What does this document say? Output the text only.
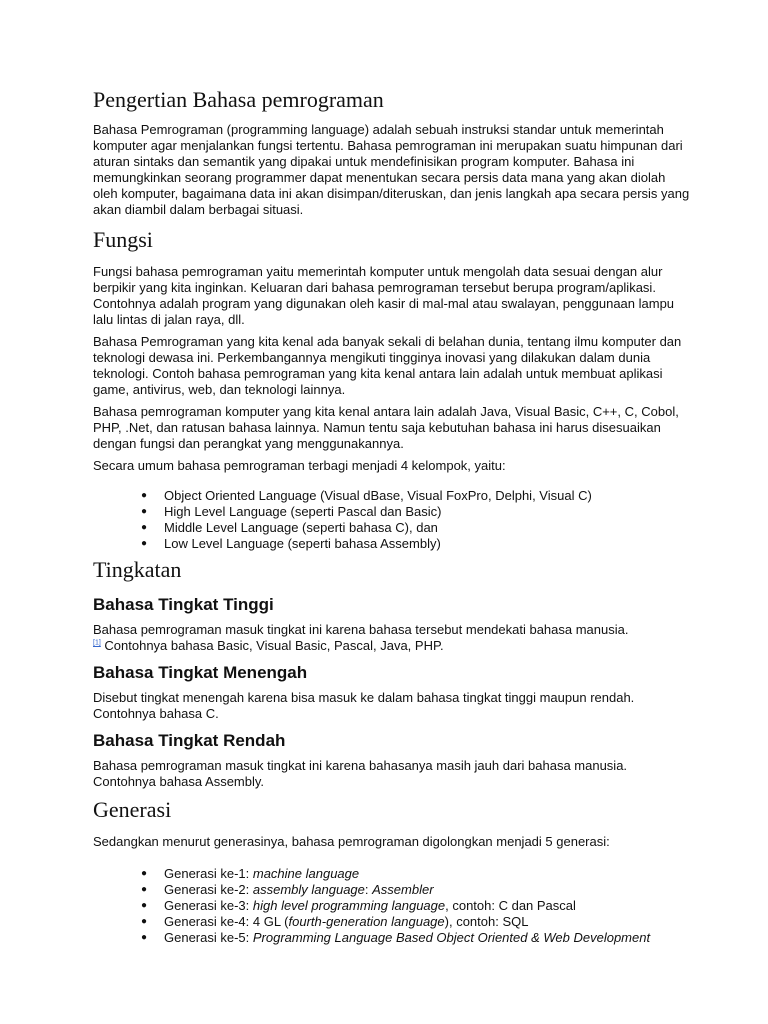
Pengertian Bahasa pemrograman

Bahasa Pemrograman (programming language) adalah sebuah instruksi standar untuk memerintah komputer agar menjalankan fungsi tertentu. Bahasa pemrograman ini merupakan suatu himpunan dari aturan sintaks dan semantik yang dipakai untuk mendefinisikan program komputer. Bahasa ini memungkinkan seorang programmer dapat menentukan secara persis data mana yang akan diolah oleh komputer, bagaimana data ini akan disimpan/diteruskan, dan jenis langkah apa secara persis yang akan diambil dalam berbagai situasi.

Fungsi

Fungsi bahasa pemrograman yaitu memerintah komputer untuk mengolah data sesuai dengan alur berpikir yang kita inginkan. Keluaran dari bahasa pemrograman tersebut berupa program/aplikasi. Contohnya adalah program yang digunakan oleh kasir di mal-mal atau swalayan, penggunaan lampu lalu lintas di jalan raya, dll.

Bahasa Pemrograman yang kita kenal ada banyak sekali di belahan dunia, tentang ilmu komputer dan teknologi dewasa ini. Perkembangannya mengikuti tingginya inovasi yang dilakukan dalam dunia teknologi. Contoh bahasa pemrograman yang kita kenal antara lain adalah untuk membuat aplikasi game, antivirus, web, dan teknologi lainnya.

Bahasa pemrograman komputer yang kita kenal antara lain adalah Java, Visual Basic, C++, C, Cobol, PHP, .Net, dan ratusan bahasa lainnya. Namun tentu saja kebutuhan bahasa ini harus disesuaikan dengan fungsi dan perangkat yang menggunakannya.

Secara umum bahasa pemrograman terbagi menjadi 4 kelompok, yaitu:

● Object Oriented Language (Visual dBase, Visual FoxPro, Delphi, Visual C)
● High Level Language (seperti Pascal dan Basic)
● Middle Level Language (seperti bahasa C), dan
● Low Level Language (seperti bahasa Assembly)
Tingkatan
Bahasa Tingkat Tinggi

Bahasa pemrograman masuk tingkat ini karena bahasa tersebut mendekati bahasa manusia.
[1] Contohnya bahasa Basic, Visual Basic, Pascal, Java, PHP.

Bahasa Tingkat Menengah

Disebut tingkat menengah karena bisa masuk ke dalam bahasa tingkat tinggi maupun rendah. Contohnya bahasa C.

Bahasa Tingkat Rendah

Bahasa pemrograman masuk tingkat ini karena bahasanya masih jauh dari bahasa manusia. Contohnya bahasa Assembly.

Generasi

Sedangkan menurut generasinya, bahasa pemrograman digolongkan menjadi 5 generasi:

● Generasi ke-1: machine language
● Generasi ke-2: assembly language: Assembler
● Generasi ke-3: high level programming language, contoh: C dan Pascal
● Generasi ke-4: 4 GL (fourth-generation language), contoh: SQL
● Generasi ke-5: Programming Language Based Object Oriented & Web Development
